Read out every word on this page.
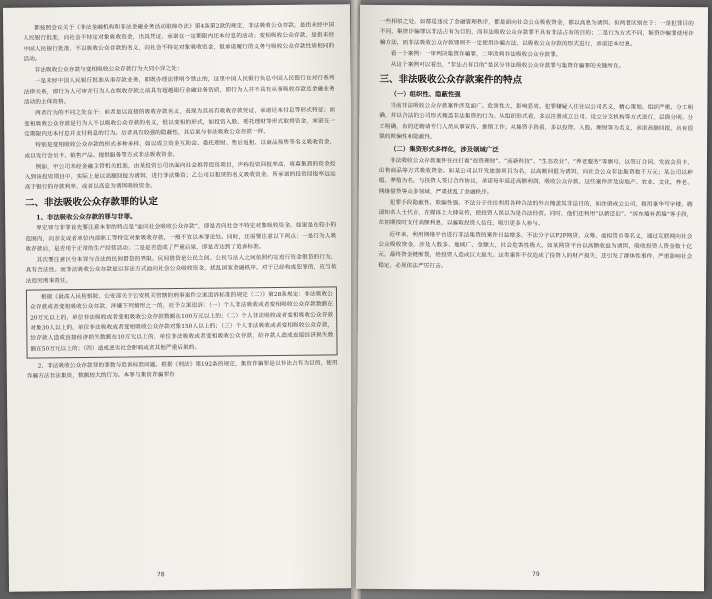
都按照会议关于《非法金融机构和非法金融业务活动取缔办法》第4条第2款的规定，非法吸收公众存款，是指未经中国人民银行批准，向社会不特定对象吸收资金，出具凭证，承诺在一定期限内还本付息的活动；变相吸收公众存款，是指未经中国人民银行批准，不以吸收公众存款的名义，向社会不特定对象吸收资金，但承诺履行的义务与吸收公众存款性质相同的活动。

非法吸收公众存款与变相吸收公众存款行为大同小异之处：

一是未经中国人民银行批准从事存款业务，即既办理法律明令禁止的，这里中国人民银行负总中国人民银行在对行系列法律关系，即行为人可审并行为人在吸收存款之前具有超越银行金融业务资质，即行为人并不具有从事吸收存款及金融业务活动的主体资格。

两者行为的不同之处在于：前者是以直接的吸收存款名义，表现为其具有吸收存款凭证，承诺还本付息等形式特征；而变相吸收公众存款是行为人不以吸收公众存款的名义，但以变相的形式，如投资入股、委托理财等形式取得资金，承诺在一定期限内还本付息并支付利息的行为。后者具有较强的隐蔽性，其后果与非法吸收公众存款一样。

特别是变相吸收公众存款的形式多种多样，如以成立资金互助会、委托理财、售后返租、以商品预售等名义吸收资金，或以发行会员卡、销售产品、提供服务等方式非法吸收资金。

例如，甲公司未经金融主管机关批准，由某投资公司出面向社会推荐投资项目，声称投资回报率高，将募集到的资金投入到该投资项目中，实际上是以高额回报为诱饵，进行非法集资；乙公司以租赁的名义吸收资金，所承诺的投资回报率远远高于银行的存款利率，或者以高息为诱饵吸收资金。

二、非法吸收公众存款罪的认定
1、非法吸收公众存款的罪与非罪。

界定罪与非罪首先要注意本罪的特点是“面向社会吸收公众存款”，即是否向社会不特定对象吸收资金。如果是在较小的范围内，向亲友或者单位内部职工等特定对象吸收存款，一般不宜以本罪论处。同时，还需要注意以下两点：一是行为人吸收存款后，是否用于正常的生产经营活动；二是是否造成了严重后果，即是否达到了追诉标准。

其次要注意区分本罪与合法的民间借贷的界限。民间借贷是公民之间、公民与法人之间依照约定进行资金借贷的行为，具有合法性。而非法吸收公众存款是以非法方式面向社会公众吸收资金，扰乱国家金融秩序。对于已经构成犯罪的，应当依法追究刑事责任。

根据《最高人民检察院、公安部关于公安机关管辖的刑事案件立案追诉标准的规定（二）》第28条规定：非法吸收公众存款或者变相吸收公众存款，涉嫌下列情形之一的，应予立案追诉：（一）个人非法吸收或者变相吸收公众存款数额在20万元以上的，单位非法吸收或者变相吸收公众存款数额在100万元以上的；（二）个人非法吸收或者变相吸收公众存款对象30人以上的，单位非法吸收或者变相吸收公众存款对象150人以上的；（三）个人非法吸收或者变相吸收公众存款，给存款人造成直接经济损失数额在10万元以上的，单位非法吸收或者变相吸收公众存款，给存款人造成直接经济损失数额在50万元以上的；（四）造成恶劣社会影响或者其他严重后果的。

2、非法吸收公众存款罪的罪数与追诉标准问题。根据《刑法》第192条的规定，集资诈骗罪是以非法占有为目的，使用诈骗方法非法集资，数额较大的行为。本罪与集资诈骗罪有

78

一些相似之处，如都是违反了金融管理秩序，都是面向社会公众吸收资金，都以高息为诱饵。但两者区别在于：一是犯罪目的不同，集资诈骗罪以非法占有为目的，而非法吸收公众存款罪不具有非法占有的目的；二是行为方式不同，集资诈骗罪使用诈骗方法，而非法吸收公众存款罪则不一定使用诈骗方法，以吸收公众存款的形式进行，承诺还本付息。

看一个案例：一审判决集资诈骗罪，二审改判非法吸收公众存款罪。

从这个案例可以看出，“非法占有目的”是区分非法吸收公众存款罪与集资诈骗罪的关键所在。

三、非法吸收公众存款案件的特点
（一）组织性、隐蔽性强

当前非法吸收公众存款案件涉及面广、危害性大、影响恶劣。犯罪嫌疑人往往以公司名义，精心策划、组织严密、分工明确，并以合法的公司形式掩盖非法集资的行为。从组织形式看，多以注册成立公司、设立分支机构等方式进行，层级分明、分工明确，有的还聘请专门人员从事宣传、推销工作；从集资手段看，多以投资、入股、理财等为名义，承诺高额回报，具有很强的欺骗性和隐蔽性。

（二）集资形式多样化，涉及领域广泛

非法吸收公众存款案件往往打着“投资理财”、“高新科技”、“生态农业”、“养老服务”等旗号，以签订合同、发放会员卡、出售商品等方式吸收资金。如某公司以开发旅游项目为名，以高额回报为诱饵，向社会公众非法集资数千万元；某公司以种植、养殖为名，与投资人签订合作协议，承诺每年返还高额利润，吸收公众存款。这些案件涉及房地产、农业、文化、养老、网络借贷等众多领域，严重扰乱了金融秩序。

犯罪手段隐蔽性、欺骗性强。不法分子往往利用各种合法的外衣掩盖其非法目的，如注册成立公司，租用豪华写字楼，聘请知名人士代言，在媒体上大肆宣传，使投资人误以为是合法经营。同时，他们还利用“以新还旧”、“拆东墙补西墙”等手段，在初期按时支付高额利息，以骗取投资人信任，吸引更多人参与。

近年来，利用网络平台进行非法集资的案件日益增多。不法分子以P2P网贷、众筹、虚拟货币等名义，通过互联网向社会公众吸收资金，涉及人数多、地域广、金额大，社会危害性极大。如某网贷平台以高额收益为诱饵，吸收投资人资金数十亿元，最终资金链断裂，给投资人造成巨大损失。这类案件不仅造成了投资人的财产损失，还引发了群体性事件，严重影响社会稳定，必须依法严厉打击。

79
